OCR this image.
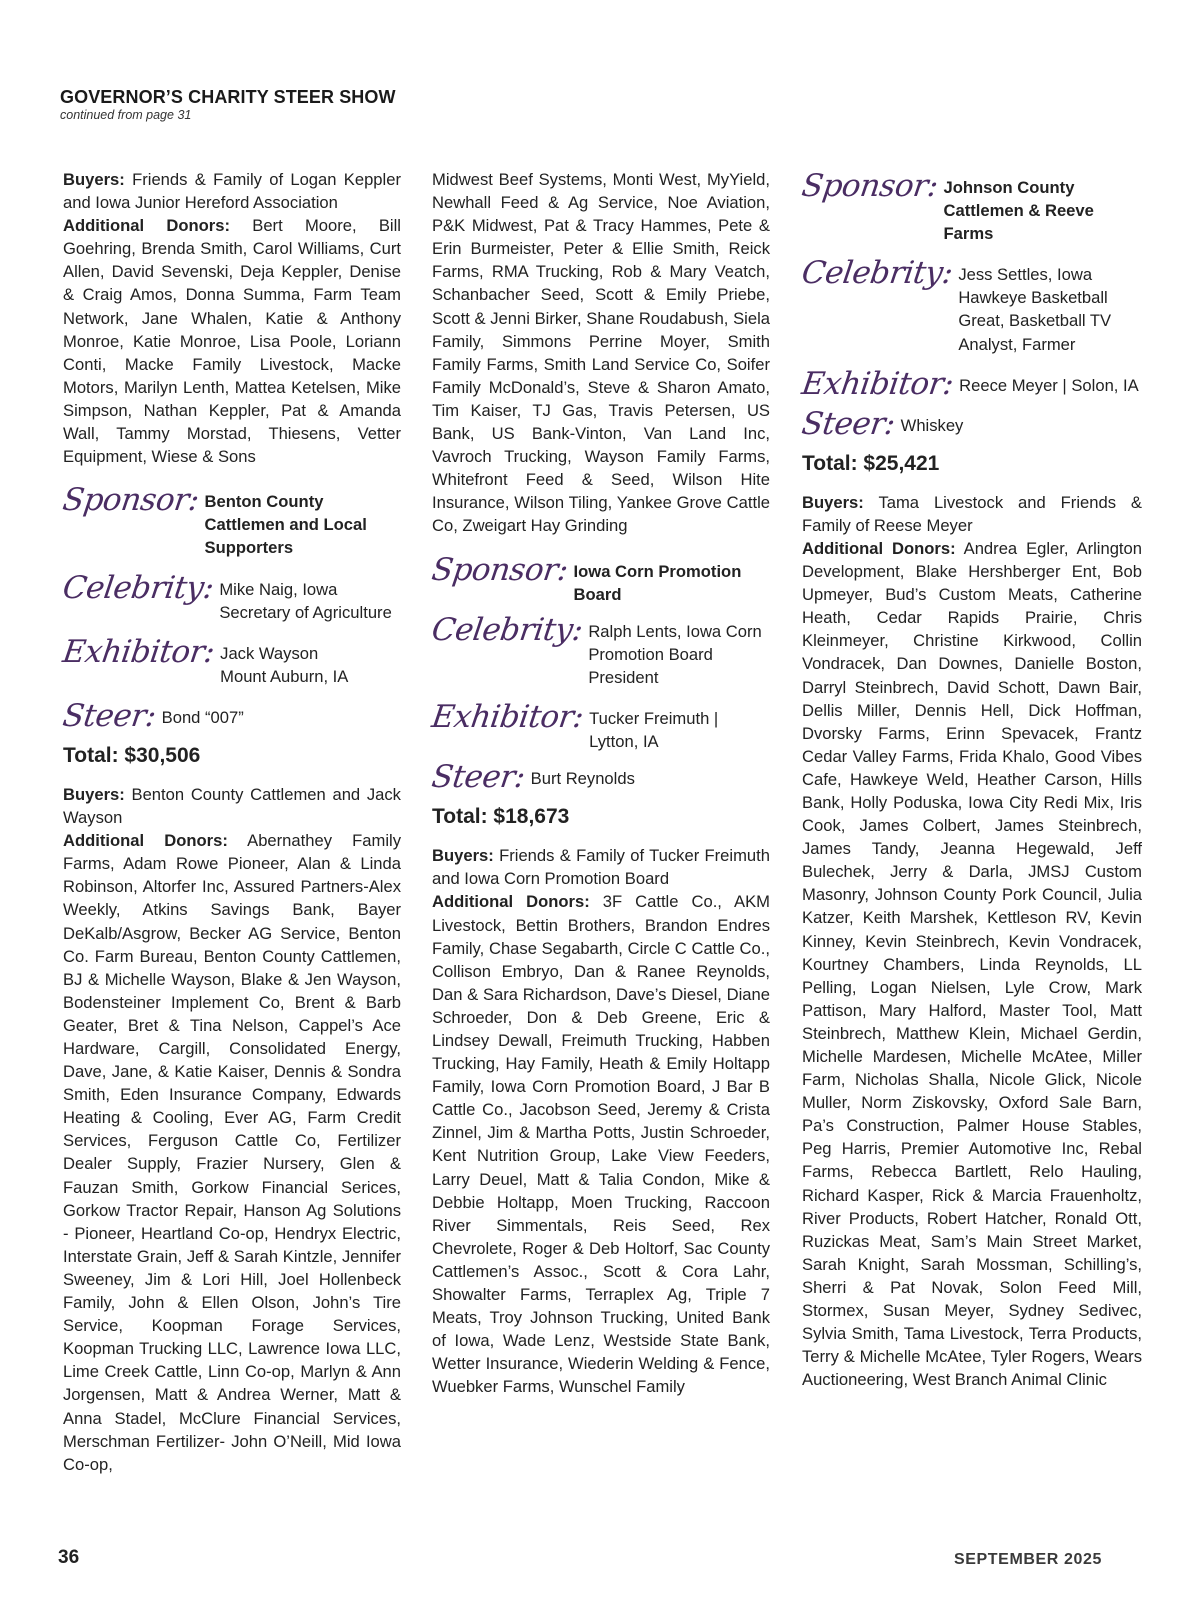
GOVERNOR’S CHARITY STEER SHOW

continued from page 31

Buyers: Friends & Family of Logan Keppler and Iowa Junior Hereford Association

Additional Donors: Bert Moore, Bill Goehring, Brenda Smith, Carol Williams, Curt Allen, David Sevenski, Deja Keppler, Denise & Craig Amos, Donna Summa, Farm Team Network, Jane Whalen, Katie & Anthony Monroe, Katie Monroe, Lisa Poole, Loriann Conti, Macke Family Livestock, Macke Motors, Marilyn Lenth, Mattea Ketelsen, Mike Simpson, Nathan Keppler, Pat & Amanda Wall, Tammy Morstad, Thiesens, Vetter Equipment, Wiese & Sons

Sponsor: Benton County Cattlemen and Local Supporters
Celebrity: Mike Naig, Iowa Secretary of Agriculture
Exhibitor: Jack Wayson
Mount Auburn, IA
Steer: Bond “007”
Total: $30,506

Buyers: Benton County Cattlemen and Jack Wayson

Additional Donors: Abernathey Family Farms, Adam Rowe Pioneer, Alan & Linda Robinson, Altorfer Inc, Assured Partners-Alex Weekly, Atkins Savings Bank, Bayer DeKalb/Asgrow, Becker AG Service, Benton Co. Farm Bureau, Benton County Cattlemen, BJ & Michelle Wayson, Blake & Jen Wayson, Bodensteiner Implement Co, Brent & Barb Geater, Bret & Tina Nelson, Cappel’s Ace Hardware, Cargill, Consolidated Energy, Dave, Jane, & Katie Kaiser, Dennis & Sondra Smith, Eden Insurance Company, Edwards Heating & Cooling, Ever AG, Farm Credit Services, Ferguson Cattle Co, Fertilizer Dealer Supply, Frazier Nursery, Glen & Fauzan Smith, Gorkow Financial Serices, Gorkow Tractor Repair, Hanson Ag Solutions - Pioneer, Heartland Co-op, Hendryx Electric, Interstate Grain, Jeff & Sarah Kintzle, Jennifer Sweeney, Jim & Lori Hill, Joel Hollenbeck Family, John & Ellen Olson, John’s Tire Service, Koopman Forage Services, Koopman Trucking LLC, Lawrence Iowa LLC, Lime Creek Cattle, Linn Co-op, Marlyn & Ann Jorgensen, Matt & Andrea Werner, Matt & Anna Stadel, McClure Financial Services, Merschman Fertilizer- John O’Neill, Mid Iowa Co-op,

Midwest Beef Systems, Monti West, MyYield, Newhall Feed & Ag Service, Noe Aviation, P&K Midwest, Pat & Tracy Hammes, Pete & Erin Burmeister, Peter & Ellie Smith, Reick Farms, RMA Trucking, Rob & Mary Veatch, Schanbacher Seed, Scott & Emily Priebe, Scott & Jenni Birker, Shane Roudabush, Siela Family, Simmons Perrine Moyer, Smith Family Farms, Smith Land Service Co, Soifer Family McDonald’s, Steve & Sharon Amato, Tim Kaiser, TJ Gas, Travis Petersen, US Bank, US Bank-Vinton, Van Land Inc, Vavroch Trucking, Wayson Family Farms, Whitefront Feed & Seed, Wilson Hite Insurance, Wilson Tiling, Yankee Grove Cattle Co, Zweigart Hay Grinding

Sponsor: Iowa Corn Promotion Board
Celebrity: Ralph Lents, Iowa Corn Promotion Board President
Exhibitor: Tucker Freimuth | Lytton, IA
Steer: Burt Reynolds
Total: $18,673

Buyers: Friends & Family of Tucker Freimuth and Iowa Corn Promotion Board

Additional Donors: 3F Cattle Co., AKM Livestock, Bettin Brothers, Brandon Endres Family, Chase Segabarth, Circle C Cattle Co., Collison Embryo, Dan & Ranee Reynolds, Dan & Sara Richardson, Dave’s Diesel, Diane Schroeder, Don & Deb Greene, Eric & Lindsey Dewall, Freimuth Trucking, Habben Trucking, Hay Family, Heath & Emily Holtapp Family, Iowa Corn Promotion Board, J Bar B Cattle Co., Jacobson Seed, Jeremy & Crista Zinnel, Jim & Martha Potts, Justin Schroeder, Kent Nutrition Group, Lake View Feeders, Larry Deuel, Matt & Talia Condon, Mike & Debbie Holtapp, Moen Trucking, Raccoon River Simmentals, Reis Seed, Rex Chevrolete, Roger & Deb Holtorf, Sac County Cattlemen’s Assoc., Scott & Cora Lahr, Showalter Farms, Terraplex Ag, Triple 7 Meats, Troy Johnson Trucking, United Bank of Iowa, Wade Lenz, Westside State Bank, Wetter Insurance, Wiederin Welding & Fence, Wuebker Farms, Wunschel Family

Sponsor: Johnson County Cattlemen & Reeve Farms
Celebrity: Jess Settles, Iowa Hawkeye Basketball Great, Basketball TV Analyst, Farmer
Exhibitor: Reece Meyer | Solon, IA
Steer: Whiskey
Total: $25,421

Buyers: Tama Livestock and Friends & Family of Reese Meyer

Additional Donors: Andrea Egler, Arlington Development, Blake Hershberger Ent, Bob Upmeyer, Bud’s Custom Meats, Catherine Heath, Cedar Rapids Prairie, Chris Kleinmeyer, Christine Kirkwood, Collin Vondracek, Dan Downes, Danielle Boston, Darryl Steinbrech, David Schott, Dawn Bair, Dellis Miller, Dennis Hell, Dick Hoffman, Dvorsky Farms, Erinn Spevacek, Frantz Cedar Valley Farms, Frida Khalo, Good Vibes Cafe, Hawkeye Weld, Heather Carson, Hills Bank, Holly Poduska, Iowa City Redi Mix, Iris Cook, James Colbert, James Steinbrech, James Tandy, Jeanna Hegewald, Jeff Bulechek, Jerry & Darla, JMSJ Custom Masonry, Johnson County Pork Council, Julia Katzer, Keith Marshek, Kettleson RV, Kevin Kinney, Kevin Steinbrech, Kevin Vondracek, Kourtney Chambers, Linda Reynolds, LL Pelling, Logan Nielsen, Lyle Crow, Mark Pattison, Mary Halford, Master Tool, Matt Steinbrech, Matthew Klein, Michael Gerdin, Michelle Mardesen, Michelle McAtee, Miller Farm, Nicholas Shalla, Nicole Glick, Nicole Muller, Norm Ziskovsky, Oxford Sale Barn, Pa’s Construction, Palmer House Stables, Peg Harris, Premier Automotive Inc, Rebal Farms, Rebecca Bartlett, Relo Hauling, Richard Kasper, Rick & Marcia Frauenholtz, River Products, Robert Hatcher, Ronald Ott, Ruzickas Meat, Sam’s Main Street Market, Sarah Knight, Sarah Mossman, Schilling’s, Sherri & Pat Novak, Solon Feed Mill, Stormex, Susan Meyer, Sydney Sedivec, Sylvia Smith, Tama Livestock, Terra Products, Terry & Michelle McAtee, Tyler Rogers, Wears Auctioneering, West Branch Animal Clinic

36	SEPTEMBER 2025
